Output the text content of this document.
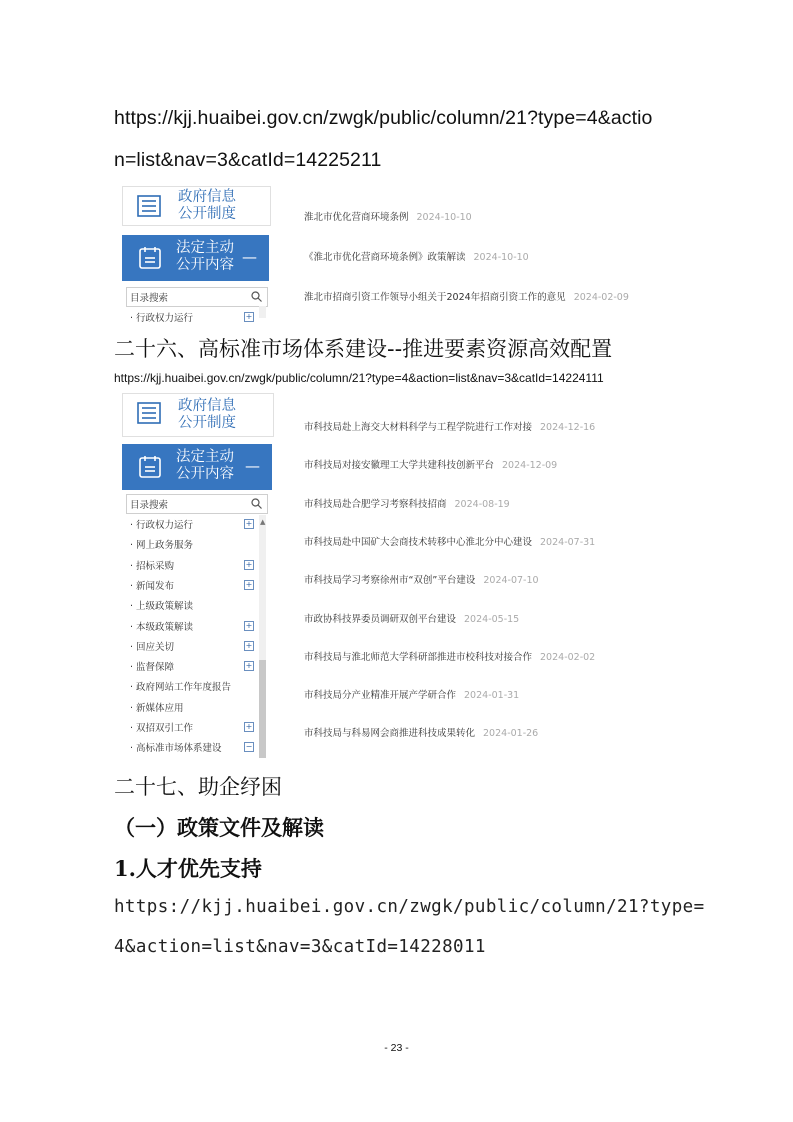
https://kjj.huaibei.gov.cn/zwgk/public/column/21?type=4&actio
n=list&nav=3&catId=14225211
政府信息
公开制度
法定主动
公开内容 —
目录搜索
· 行政权力运行	+
淮北市优化营商环境条例 2024-10-10
《淮北市优化营商环境条例》政策解读 2024-10-10
淮北市招商引资工作领导小组关于2024年招商引资工作的意见 2024-02-09
二十六、高标准市场体系建设--推进要素资源高效配置
https://kjj.huaibei.gov.cn/zwgk/public/column/21?type=4&action=list&nav=3&catId=14224111
政府信息
公开制度
法定主动
公开内容 —
目录搜索
· 行政权力运行	+
· 网上政务服务
· 招标采购	+
· 新闻发布	+
· 上级政策解读
· 本级政策解读	+
· 回应关切	+
· 监督保障	+
· 政府网站工作年度报告
· 新媒体应用
· 双招双引工作	+
· 高标准市场体系建设	−
▲
市科技局赴上海交大材料科学与工程学院进行工作对接 2024-12-16
市科技局对接安徽理工大学共建科技创新平台 2024-12-09
市科技局赴合肥学习考察科技招商 2024-08-19
市科技局赴中国矿大会商技术转移中心淮北分中心建设 2024-07-31
市科技局学习考察徐州市“双创”平台建设 2024-07-10
市政协科技界委员调研双创平台建设 2024-05-15
市科技局与淮北师范大学科研部推进市校科技对接合作 2024-02-02
市科技局分产业精准开展产学研合作 2024-01-31
市科技局与科易网会商推进科技成果转化 2024-01-26
二十七、助企纾困
（一）政策文件及解读
1.人才优先支持
https://kjj.huaibei.gov.cn/zwgk/public/column/21?type=
4&action=list&nav=3&catId=14228011
- 23 -
